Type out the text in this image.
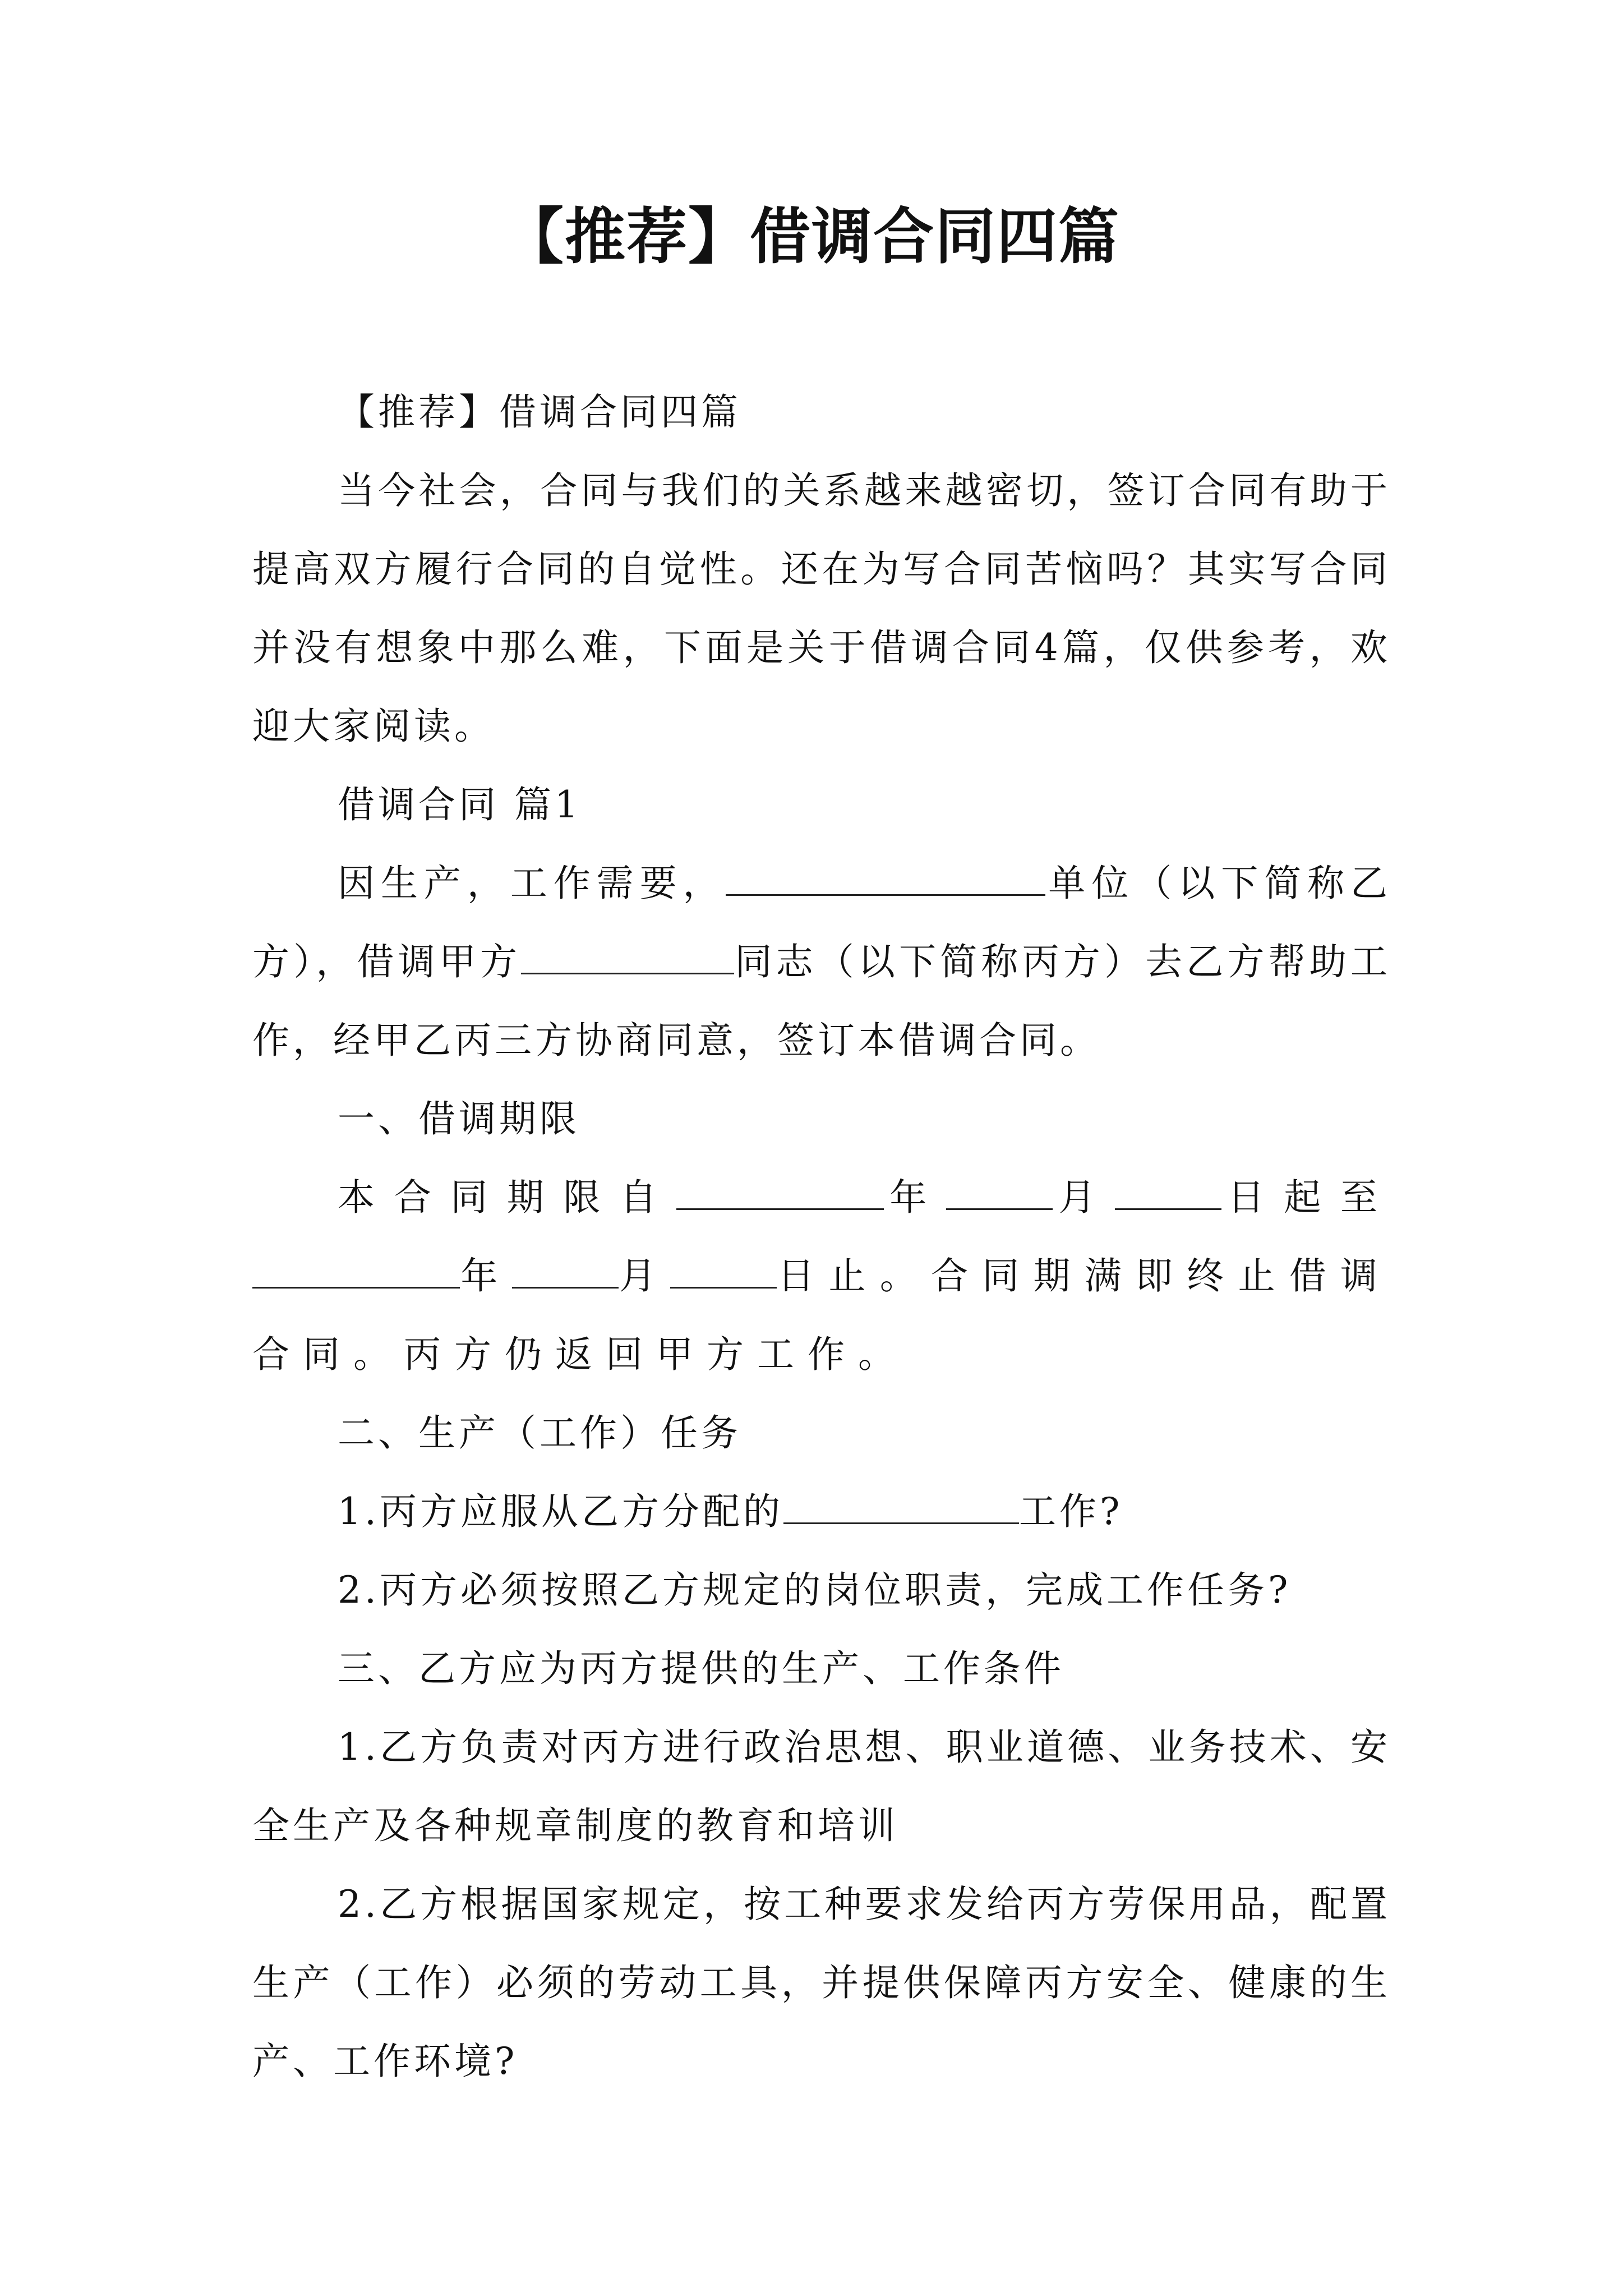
【推荐】借调合同四篇

【推荐】借调合同四篇

当今社会，合同与我们的关系越来越密切，签订合同有助于提高双方履行合同的自觉性。还在为写合同苦恼吗？其实写合同并没有想象中那么难，下面是关于借调合同4篇，仅供参考，欢迎大家阅读。

借调合同 篇1

因生产，工作需要，	单位（以下简称乙方），借调甲方	同志（以下简称丙方）去乙方帮助工作，经甲乙丙三方协商同意，签订本借调合同。

一、借调期限

本合同期限自	年	月	日起至年	月	日止。合同期满即终止借调合同。丙方仍返回甲方工作。

二、生产（工作）任务

1.丙方应服从乙方分配的	工作?

2.丙方必须按照乙方规定的岗位职责，完成工作任务?

三、乙方应为丙方提供的生产、工作条件

1.乙方负责对丙方进行政治思想、职业道德、业务技术、安全生产及各种规章制度的教育和培训

2.乙方根据国家规定，按工种要求发给丙方劳保用品，配置生产（工作）必须的劳动工具，并提供保障丙方安全、健康的生产、工作环境?
